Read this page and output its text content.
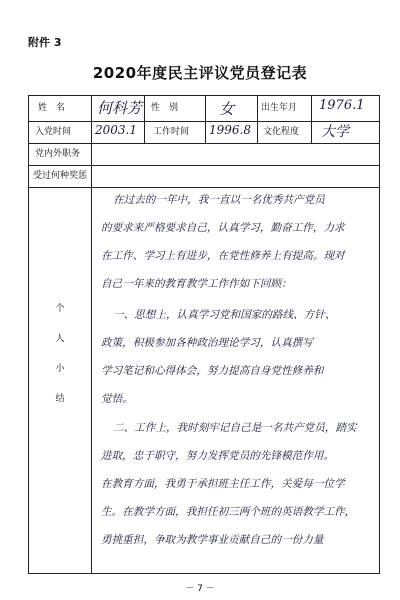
附件 3
2020年度民主评议党员登记表
姓　名 何科芳 性　别	女	出生年月 1976.1
入党时间 2003.1 工作时间 1996.8 文化程度 大学
党内外职务
受过何种奖惩
个
人
小
结
在过去的一年中，我一直以一名优秀共产党员
的要求来严格要求自己，认真学习，勤奋工作，力求
在工作、学习上有进步，在党性修养上有提高。现对
自己一年来的教育教学工作作如下回顾：
一、思想上，认真学习党和国家的路线、方针、
政策，积极参加各种政治理论学习，认真撰写
学习笔记和心得体会，努力提高自身党性修养和
觉悟。
二、工作上，我时刻牢记自己是一名共产党员，踏实
进取，忠于职守，努力发挥党员的先锋模范作用。
在教育方面，我勇于承担班主任工作，关爱每一位学
生。在教学方面，我担任初三两个班的英语教学工作，
勇挑重担，争取为教学事业贡献自己的一份力量
－ 7 －
